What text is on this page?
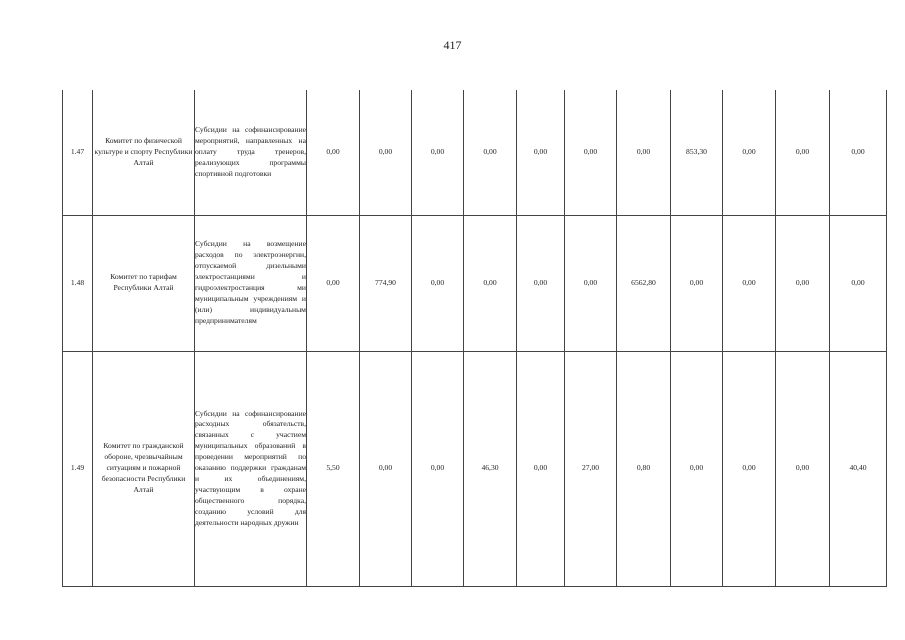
417
1.47	Комитет по физической культуре и спорту Республики Алтай	Субсидии на софинансирование мероприятий, направленных на оплату труда тренеров, реализующих программы спортивной подготовки	0,00	0,00	0,00	0,00	0,00	0,00	0,00	853,30	0,00	0,00	0,00
1.48	Комитет по тарифам Республики Алтай	Субсидии на возмещение расходов по электроэнергии, отпускаемой дизельными электростанциями и гидроэлектростанция ми муниципальным учреждениям и (или) индивидуальным предпринимателям	0,00	774,90	0,00	0,00	0,00	0,00	6562,80	0,00	0,00	0,00	0,00
1.49	Комитет по гражданской обороне, чрезвычайным ситуациям и пожарной безопасности Республики Алтай	Субсидии на софинансирование расходных обязательств, связанных с участием муниципальных образований в проведении мероприятий по оказанию поддержки гражданам и их объединениям, участвующим в охране общественного порядка, созданию условий для деятельности народных дружин	5,50	0,00	0,00	46,30	0,00	27,00	0,80	0,00	0,00	0,00	40,40
